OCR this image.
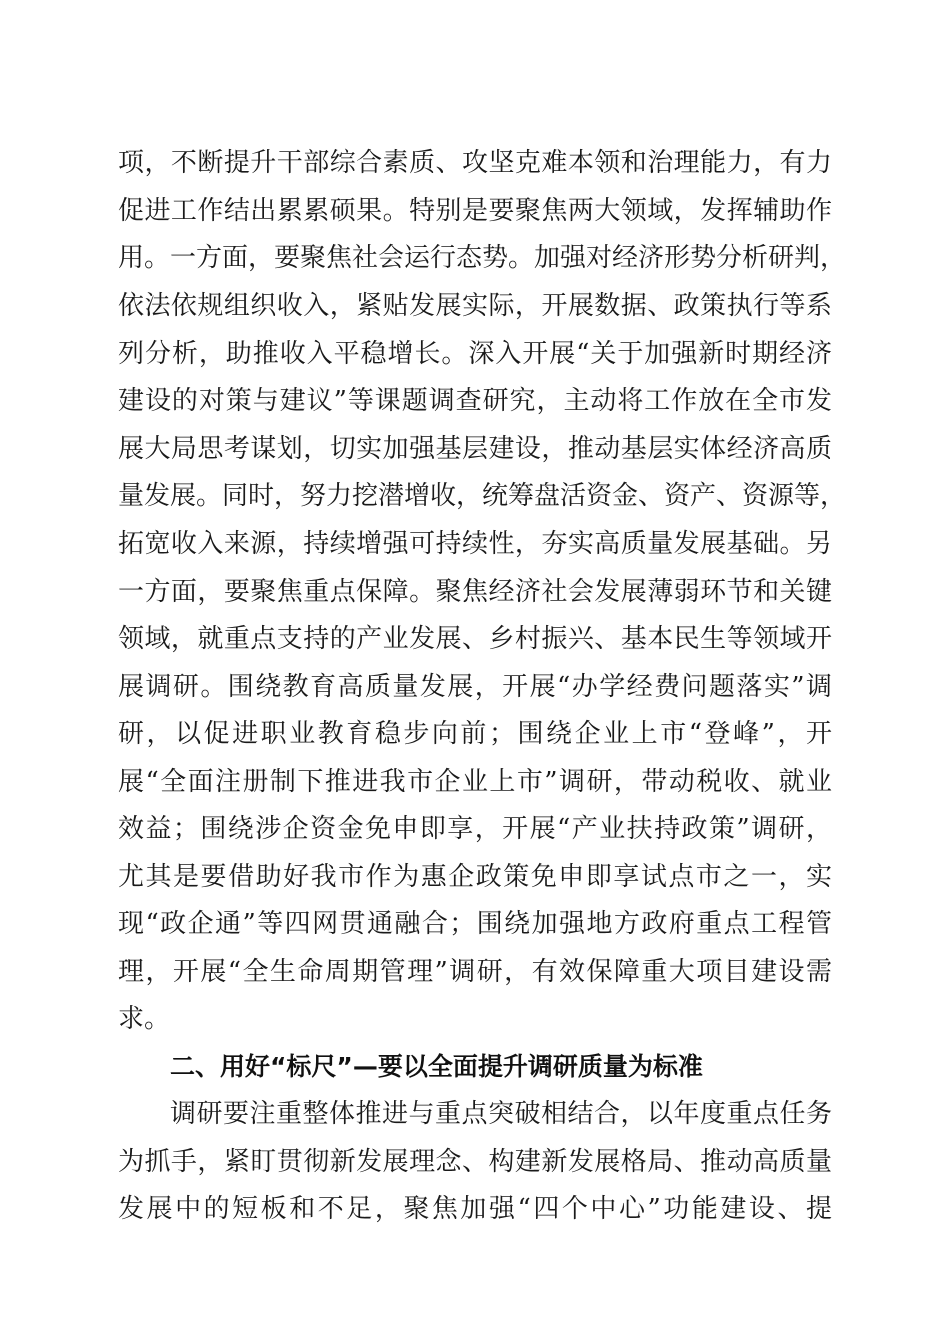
项，不断提升干部综合素质、攻坚克难本领和治理能力，有力
促进工作结出累累硕果。特别是要聚焦两大领域，发挥辅助作
用。一方面，要聚焦社会运行态势。加强对经济形势分析研判，
依法依规组织收入，紧贴发展实际，开展数据、政策执行等系
列分析，助推收入平稳增长。深入开展“关于加强新时期经济
建设的对策与建议”等课题调查研究，主动将工作放在全市发
展大局思考谋划，切实加强基层建设，推动基层实体经济高质
量发展。同时，努力挖潜增收，统筹盘活资金、资产、资源等，
拓宽收入来源，持续增强可持续性，夯实高质量发展基础。另
一方面，要聚焦重点保障。聚焦经济社会发展薄弱环节和关键
领域，就重点支持的产业发展、乡村振兴、基本民生等领域开
展调研。围绕教育高质量发展，开展“办学经费问题落实”调
研，以促进职业教育稳步向前；围绕企业上市“登峰”，开
展“全面注册制下推进我市企业上市”调研，带动税收、就业
效益；围绕涉企资金免申即享，开展“产业扶持政策”调研，
尤其是要借助好我市作为惠企政策免申即享试点市之一，实
现“政企通”等四网贯通融合；围绕加强地方政府重点工程管
理，开展“全生命周期管理”调研，有效保障重大项目建设需
求。
二、用好“标尺”—要以全面提升调研质量为标准
调研要注重整体推进与重点突破相结合，以年度重点任务
为抓手，紧盯贯彻新发展理念、构建新发展格局、推动高质量
发展中的短板和不足，聚焦加强“四个中心”功能建设、提
